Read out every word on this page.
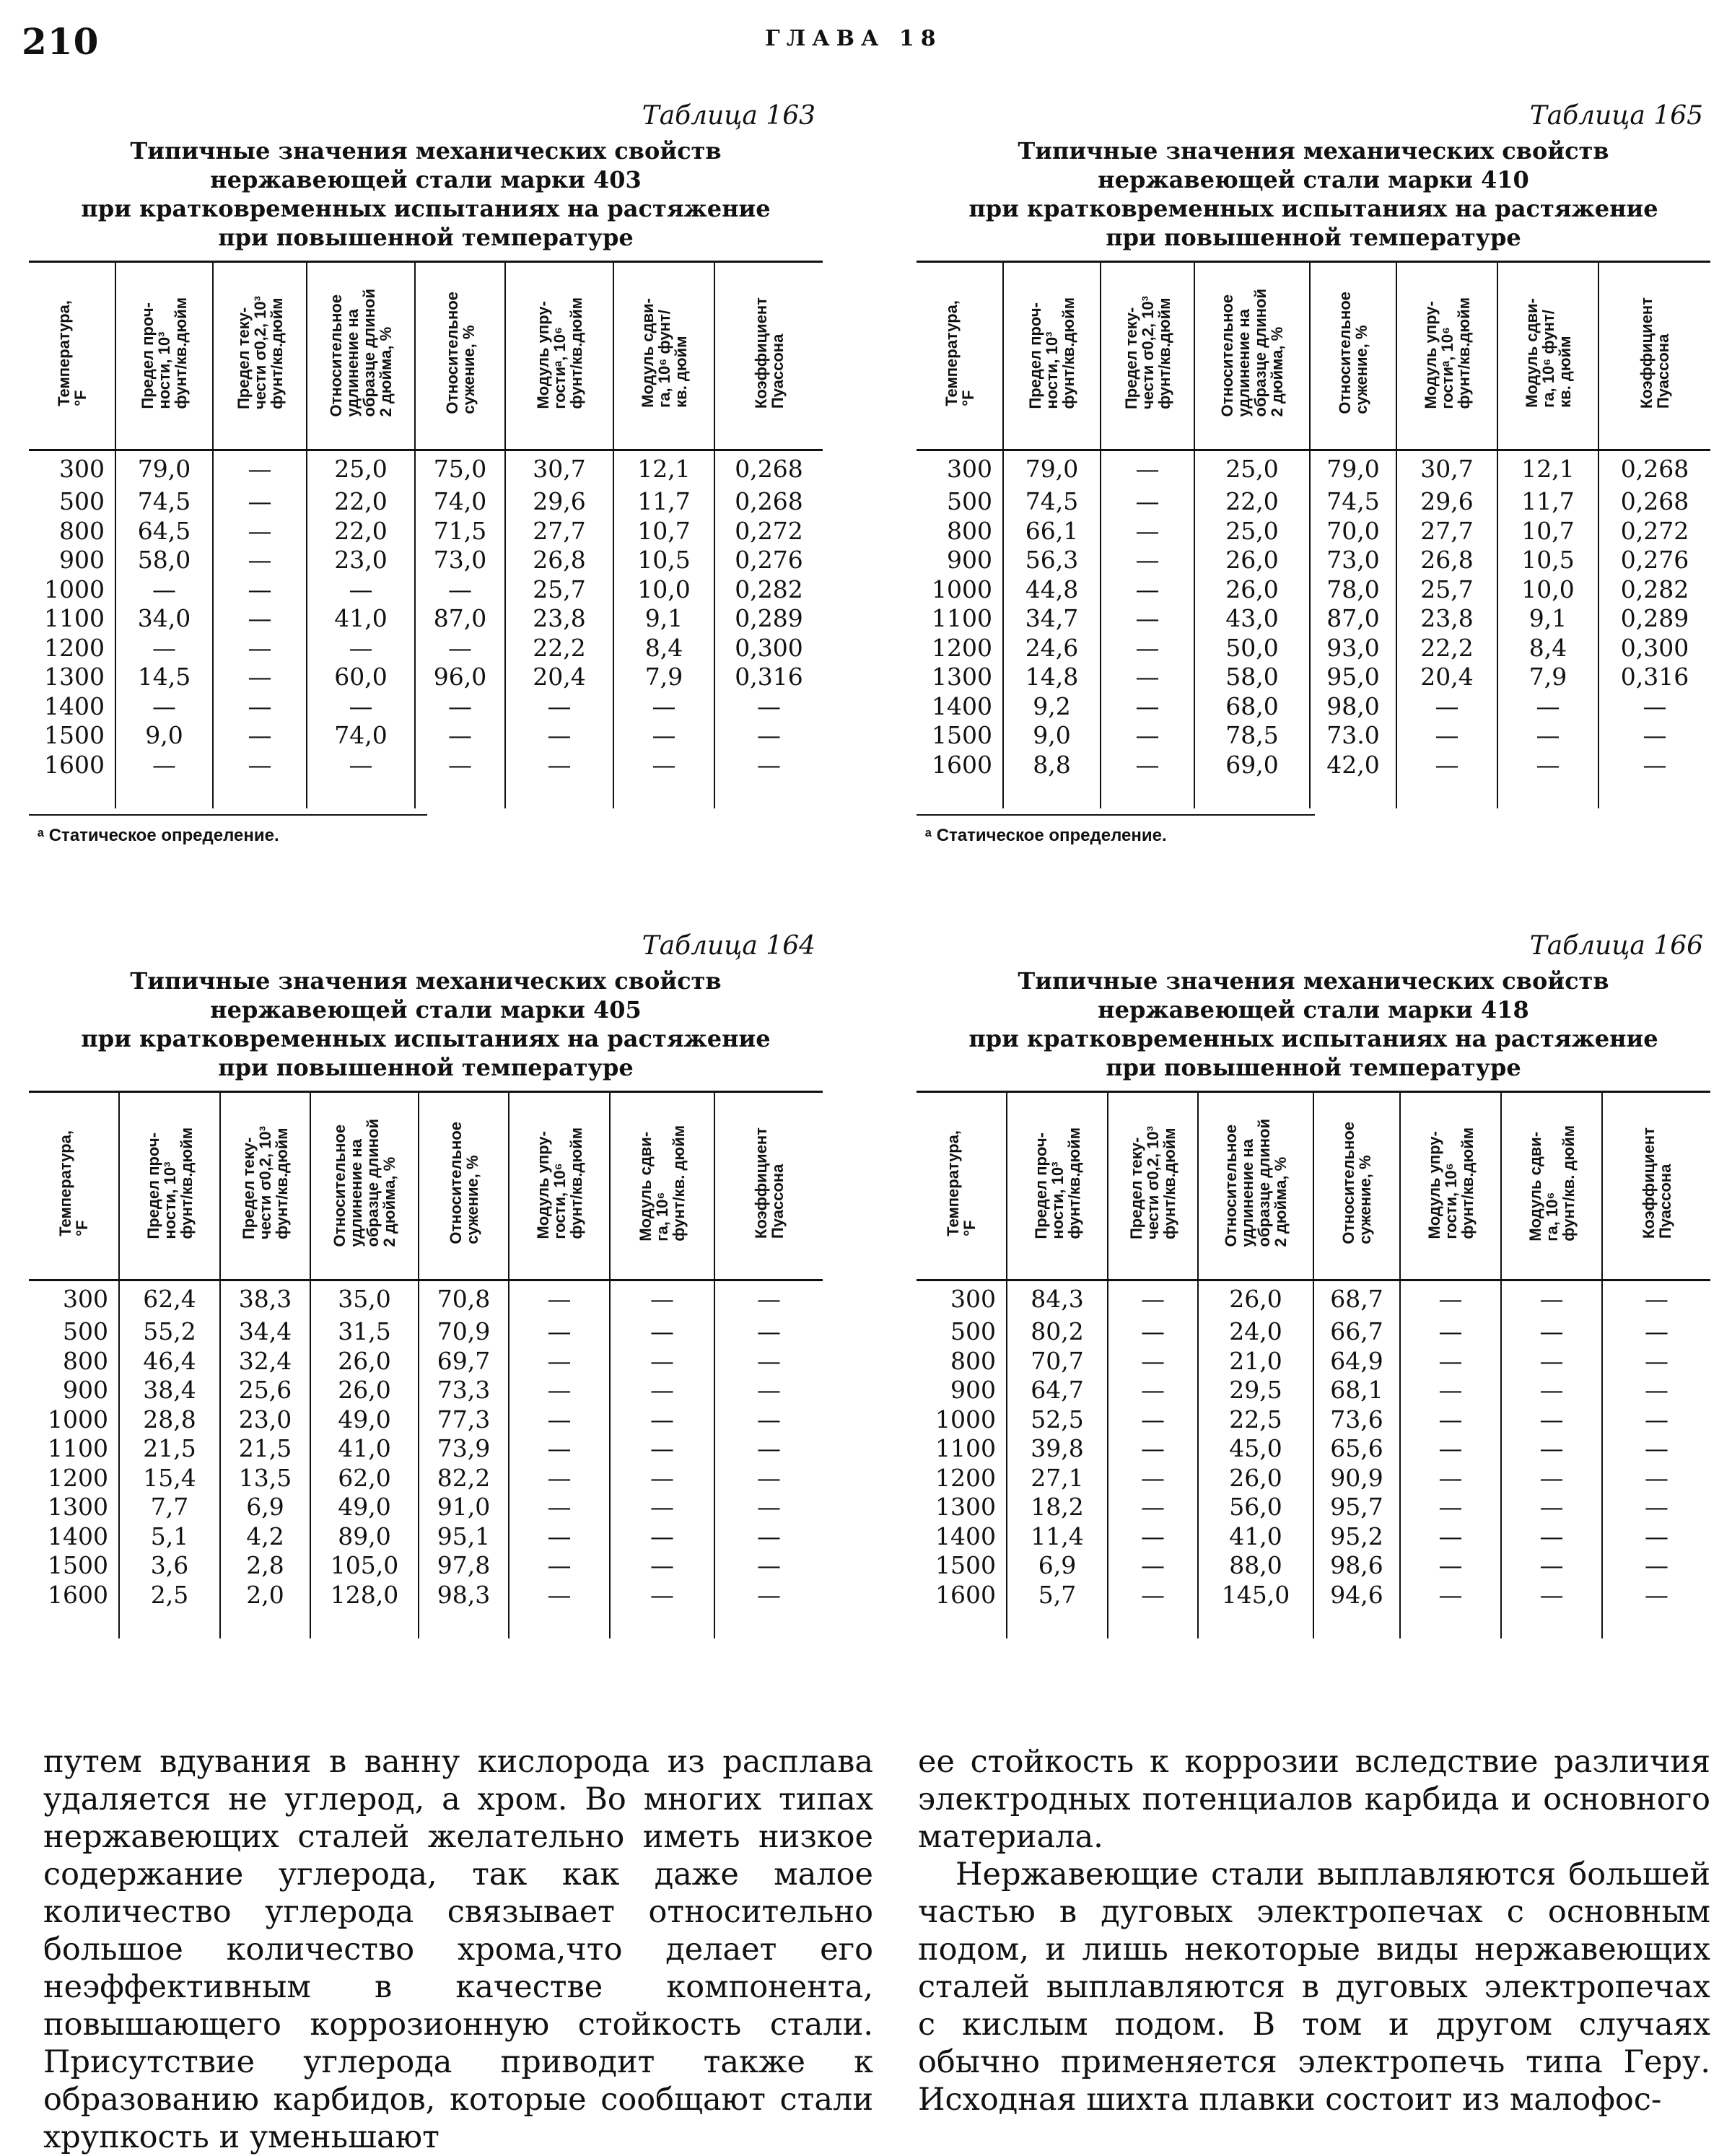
210	ГЛАВА 18
Таблица 163
Типичные значения механических свойств
нержавеющей стали марки 403
при кратковременных испытаниях на растяжение
при повышенной температуре
Температура,
°F	Предел проч-
ности, 10³
фунт/кв.дюйм	Предел теку-
чести σ0,2, 10³
фунт/кв.дюйм	Относительное
удлинение на
образце длиной
2 дюйма, %	Относительное
сужение, %	Модуль упру-
гостиᵃ, 10⁶
фунт/кв.дюйм	Модуль сдви-
га, 10⁶ фунт/
кв. дюйм	Коэффициент
Пуассона
300	79,0	—	25,0	75,0	30,7	12,1	0,268
500	74,5	—	22,0	74,0	29,6	11,7	0,268
800	64,5	—	22,0	71,5	27,7	10,7	0,272
900	58,0	—	23,0	73,0	26,8	10,5	0,276
1000	—	—	—	—	25,7	10,0	0,282
1100	34,0	—	41,0	87,0	23,8	9,1	0,289
1200	—	—	—	—	22,2	8,4	0,300
1300	14,5	—	60,0	96,0	20,4	7,9	0,316
1400	—	—	—	—	—	—	—
1500	9,0	—	74,0	—	—	—	—
1600	—	—	—	—	—	—	—

ᵃ Статическое определение.
Таблица 165
Типичные значения механических свойств
нержавеющей стали марки 410
при кратковременных испытаниях на растяжение
при повышенной температуре
Температура,
°F	Предел проч-
ности, 10³
фунт/кв.дюйм	Предел теку-
чести σ0,2, 10³
фунт/кв.дюйм	Относительное
удлинение на
образце длиной
2 дюйма, %	Относительное
сужение, %	Модуль упру-
гостиᵃ, 10⁶
фунт/кв.дюйм	Модуль сдви-
га, 10⁶ фунт/
кв. дюйм	Коэффициент
Пуассона
300	79,0	—	25,0	79,0	30,7	12,1	0,268
500	74,5	—	22,0	74,5	29,6	11,7	0,268
800	66,1	—	25,0	70,0	27,7	10,7	0,272
900	56,3	—	26,0	73,0	26,8	10,5	0,276
1000	44,8	—	26,0	78,0	25,7	10,0	0,282
1100	34,7	—	43,0	87,0	23,8	9,1	0,289
1200	24,6	—	50,0	93,0	22,2	8,4	0,300
1300	14,8	—	58,0	95,0	20,4	7,9	0,316
1400	9,2	—	68,0	98,0	—	—	—
1500	9,0	—	78,5	73.0	—	—	—
1600	8,8	—	69,0	42,0	—	—	—

ᵃ Статическое определение.
Таблица 164
Типичные значения механических свойств
нержавеющей стали марки 405
при кратковременных испытаниях на растяжение
при повышенной температуре
Температура,
°F	Предел проч-
ности, 10³
фунт/кв.дюйм	Предел теку-
чести σ0,2, 10³
фунт/кв.дюйм	Относительное
удлинение на
образце длиной
2 дюйма, %	Относительное
сужение, %	Модуль упру-
гости, 10⁶
фунт/кв.дюйм	Модуль сдви-
га, 10⁶
фунт/кв. дюйм	Коэффициент
Пуассона
300	62,4	38,3	35,0	70,8	—	—	—
500	55,2	34,4	31,5	70,9	—	—	—
800	46,4	32,4	26,0	69,7	—	—	—
900	38,4	25,6	26,0	73,3	—	—	—
1000	28,8	23,0	49,0	77,3	—	—	—
1100	21,5	21,5	41,0	73,9	—	—	—
1200	15,4	13,5	62,0	82,2	—	—	—
1300	7,7	6,9	49,0	91,0	—	—	—
1400	5,1	4,2	89,0	95,1	—	—	—
1500	3,6	2,8	105,0	97,8	—	—	—
1600	2,5	2,0	128,0	98,3	—	—	—

Таблица 166
Типичные значения механических свойств
нержавеющей стали марки 418
при кратковременных испытаниях на растяжение
при повышенной температуре
Температура,
°F	Предел проч-
ности, 10³
фунт/кв.дюйм	Предел теку-
чести σ0,2, 10³
фунт/кв.дюйм	Относительное
удлинение на
образце длиной
2 дюйма, %	Относительное
сужение, %	Модуль упру-
гости, 10⁶
фунт/кв.дюйм	Модуль сдви-
га, 10⁶
фунт/кв. дюйм	Коэффициент
Пуассона
300	84,3	—	26,0	68,7	—	—	—
500	80,2	—	24,0	66,7	—	—	—
800	70,7	—	21,0	64,9	—	—	—
900	64,7	—	29,5	68,1	—	—	—
1000	52,5	—	22,5	73,6	—	—	—
1100	39,8	—	45,0	65,6	—	—	—
1200	27,1	—	26,0	90,9	—	—	—
1300	18,2	—	56,0	95,7	—	—	—
1400	11,4	—	41,0	95,2	—	—	—
1500	6,9	—	88,0	98,6	—	—	—
1600	5,7	—	145,0	94,6	—	—	—

путем вдувания в ванну кислорода из расплава удаляется не углерод, а хром. Во многих типах нержавеющих сталей желательно иметь низкое содержание углерода, так как даже малое количество углерода связывает относительно большое количество хрома,что делает его неэффективным в качестве компонента, повышающего коррозионную стойкость стали. Присутствие углерода приводит также к образованию карбидов, которые сообщают стали хрупкость и уменьшают

ее стойкость к коррозии вследствие различия электродных потенциалов карбида и основного материала.

Нержавеющие стали выплавляются большей частью в дуговых электропечах с основным подом, и лишь некоторые виды нержавеющих сталей выплавляются в дуговых электропечах с кислым подом. В том и другом случаях обычно применяется электропечь типа Геру. Исходная шихта плавки состоит из малофос-
